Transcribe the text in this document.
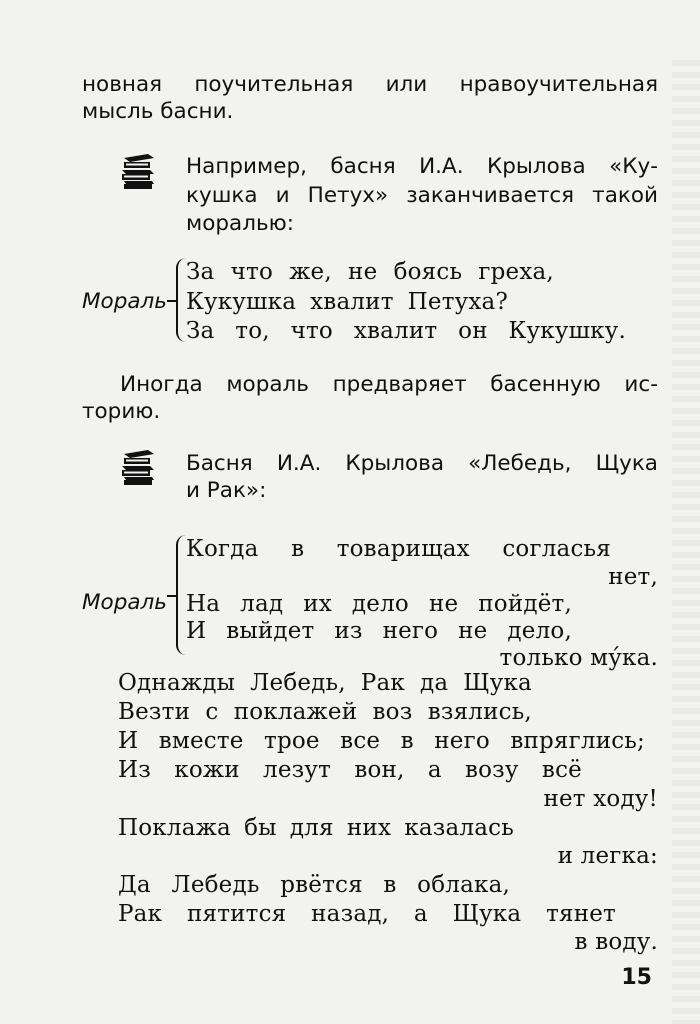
новная поучительная или нравоучительная
мысль басни.
Например, басня И.А. Крылова «Ку-
кушка и Петух» заканчивается такой
моралью:
Мораль
За что же, не боясь греха,
Кукушка хвалит Петуха?
За то, что хвалит он Кукушку.
Иногда мораль предваряет басенную ис-
торию.
Басня И.А. Крылова «Лебедь, Щука
и Рак»:
Мораль
Когда в товарищах согласья
нет,
На лад их дело не пойдёт,
И выйдет из него не дело,
только му́ка.
Однажды Лебедь, Рак да Щука
Везти с поклажей воз взялись,
И вместе трое все в него впряглись;
Из кожи лезут вон, а возу всё
нет ходу!
Поклажа бы для них казалась
и легка:
Да Лебедь рвётся в облака,
Рак пятится назад, а Щука тянет
в воду.
15
